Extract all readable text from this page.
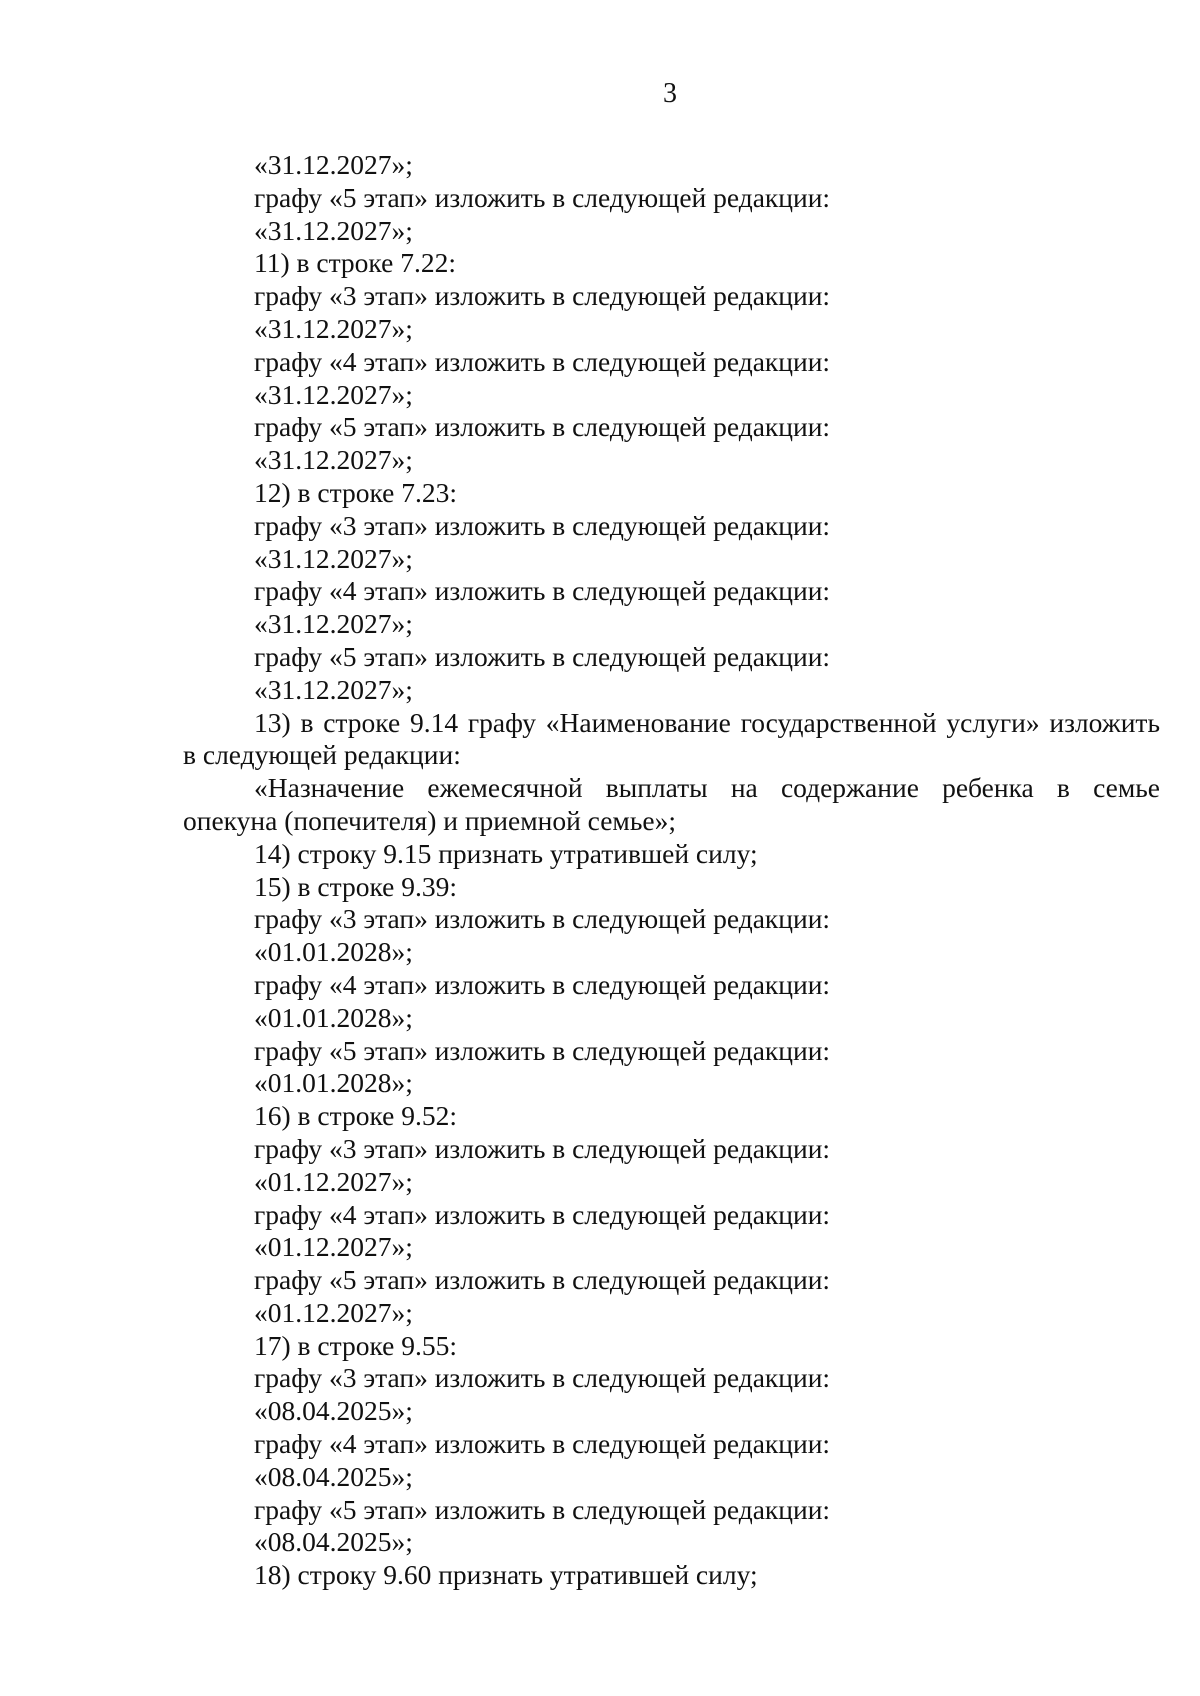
3
«31.12.2027»;
графу «5 этап» изложить в следующей редакции:
«31.12.2027»;
11) в строке 7.22:
графу «3 этап» изложить в следующей редакции:
«31.12.2027»;
графу «4 этап» изложить в следующей редакции:
«31.12.2027»;
графу «5 этап» изложить в следующей редакции:
«31.12.2027»;
12) в строке 7.23:
графу «3 этап» изложить в следующей редакции:
«31.12.2027»;
графу «4 этап» изложить в следующей редакции:
«31.12.2027»;
графу «5 этап» изложить в следующей редакции:
«31.12.2027»;
13) в строке 9.14 графу «Наименование государственной услуги» изложить
в следующей редакции:
«Назначение ежемесячной выплаты на содержание ребенка в семье
опекуна (попечителя) и приемной семье»;
14) строку 9.15 признать утратившей силу;
15) в строке 9.39:
графу «3 этап» изложить в следующей редакции:
«01.01.2028»;
графу «4 этап» изложить в следующей редакции:
«01.01.2028»;
графу «5 этап» изложить в следующей редакции:
«01.01.2028»;
16) в строке 9.52:
графу «3 этап» изложить в следующей редакции:
«01.12.2027»;
графу «4 этап» изложить в следующей редакции:
«01.12.2027»;
графу «5 этап» изложить в следующей редакции:
«01.12.2027»;
17) в строке 9.55:
графу «3 этап» изложить в следующей редакции:
«08.04.2025»;
графу «4 этап» изложить в следующей редакции:
«08.04.2025»;
графу «5 этап» изложить в следующей редакции:
«08.04.2025»;
18) строку 9.60 признать утратившей силу;
